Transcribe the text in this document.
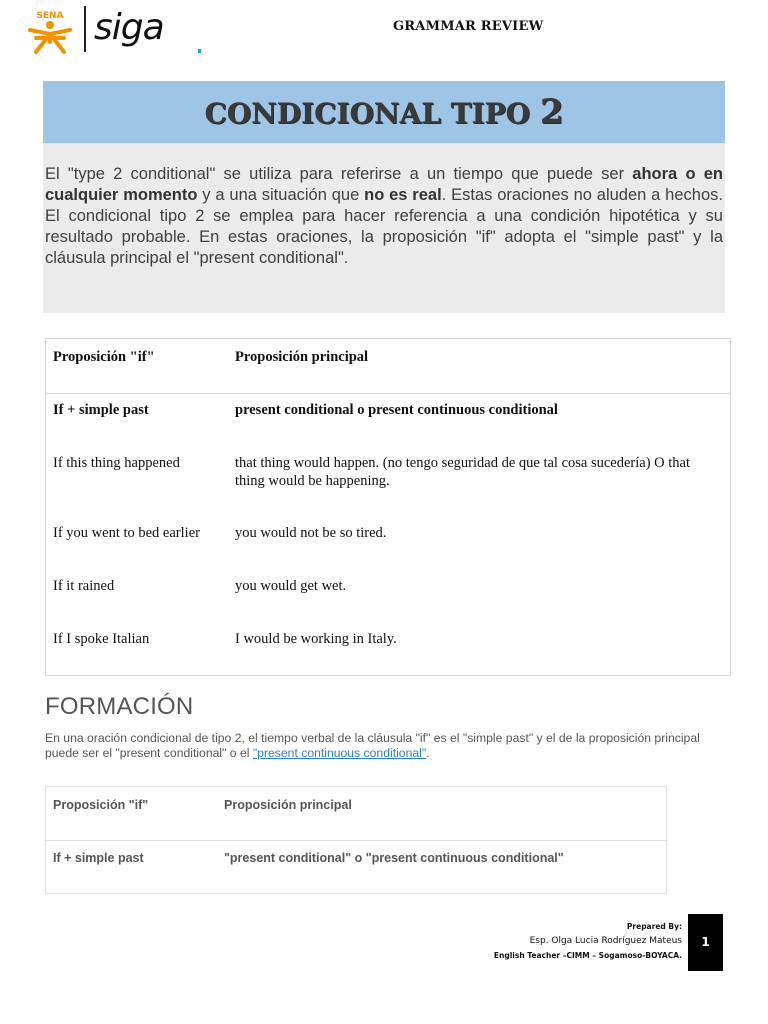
SENA siga	GRAMMAR REVIEW
CONDICIONAL TIPO 2
El "type 2 conditional" se utiliza para referirse a un tiempo que puede ser ahora o en cualquier momento y a una situación que no es real. Estas oraciones no aluden a hechos. El condicional tipo 2 se emplea para hacer referencia a una condición hipotética y su resultado probable. En estas oraciones, la proposición "if" adopta el "simple past" y la cláusula principal el "present conditional".
Proposición "if"	Proposición principal
If + simple past	present conditional o present continuous conditional
If this thing happened	that thing would happen. (no tengo seguridad de que tal cosa sucedería) O that thing would be happening.
If you went to bed earlier	you would not be so tired.
If it rained	you would get wet.
If I spoke Italian	I would be working in Italy.
FORMACIÓN
En una oración condicional de tipo 2, el tiempo verbal de la cláusula "if" es el "simple past" y el de la proposición principal puede ser el "present conditional" o el "present continuous conditional".
Proposición "if"	Proposición principal
If + simple past	"present conditional" o "present continuous conditional"
Prepared By:
Esp. Olga Lucia Rodríguez Mateus
English Teacher –CIMM – Sogamoso-BOYACA.
1
